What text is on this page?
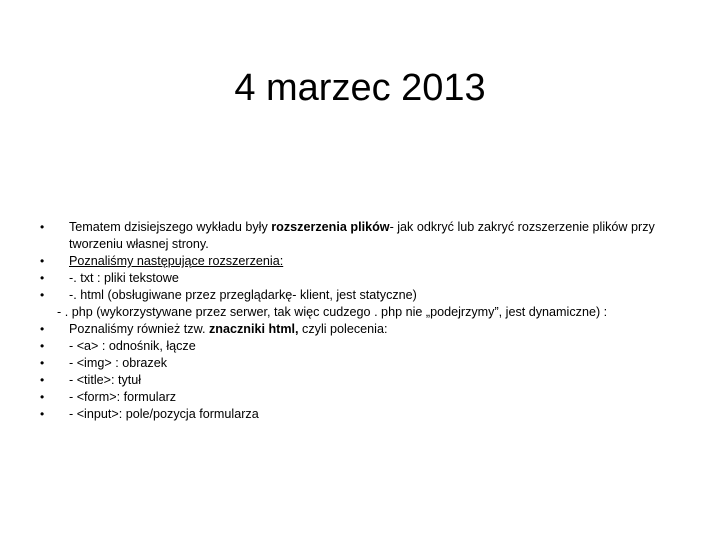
4 marzec 2013
•	Tematem dzisiejszego wykładu były rozszerzenia plików- jak odkryć lub zakryć rozszerzenie plików przy tworzeniu własnej strony.
•	Poznaliśmy następujące rozszerzenia:
•	-. txt : pliki tekstowe
•	-. html (obsługiwane przez przeglądarkę- klient, jest statyczne)
- . php (wykorzystywane przez serwer, tak więc cudzego . php nie „podejrzymy”, jest dynamiczne) :
•	Poznaliśmy również tzw. znaczniki html, czyli polecenia:
•	- <a> : odnośnik, łącze
•	- <img> : obrazek
•	- <title>: tytuł
•	- <form>: formularz
•	- <input>: pole/pozycja formularza
